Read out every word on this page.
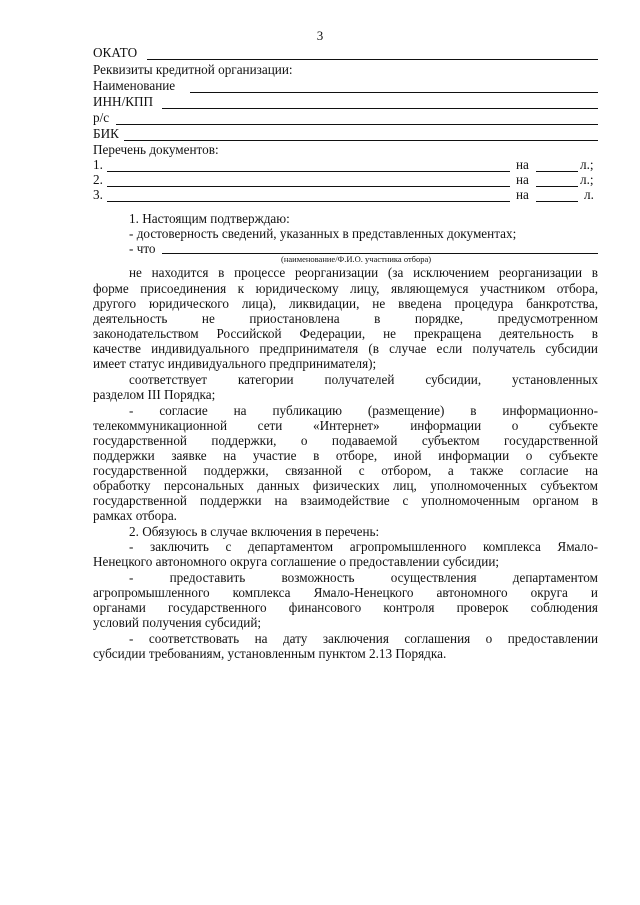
3
ОКАТО
Реквизиты кредитной организации:
Наименование
ИНН/КПП
р/с
БИК
Перечень документов:
1.	на	л.;
2.	на	л.;
3.	на	л.
1. Настоящим подтверждаю:
- достоверность сведений, указанных в представленных документах;
- что
(наименование/Ф.И.О. участника отбора)
не находится в процессе реорганизации (за исключением реорганизации в
форме присоединения к юридическому лицу, являющемуся участником отбора,
другого юридического лица), ликвидации, не введена процедура банкротства,
деятельность не приостановлена в порядке, предусмотренном
законодательством Российской Федерации, не прекращена деятельность в
качестве индивидуального предпринимателя (в случае если получатель субсидии
имеет статус индивидуального предпринимателя);
соответствует категории получателей субсидии, установленных
разделом III Порядка;
- согласие на публикацию (размещение) в информационно-
телекоммуникационной сети «Интернет» информации о субъекте
государственной поддержки, о подаваемой субъектом государственной
поддержки заявке на участие в отборе, иной информации о субъекте
государственной поддержки, связанной с отбором, а также согласие на
обработку персональных данных физических лиц, уполномоченных субъектом
государственной поддержки на взаимодействие с уполномоченным органом в
рамках отбора.
2. Обязуюсь в случае включения в перечень:
- заключить с департаментом агропромышленного комплекса Ямало-
Ненецкого автономного округа соглашение о предоставлении субсидии;
- предоставить возможность осуществления департаментом
агропромышленного комплекса Ямало-Ненецкого автономного округа и
органами государственного финансового контроля проверок соблюдения
условий получения субсидий;
- соответствовать на дату заключения соглашения о предоставлении
субсидии требованиям, установленным пунктом 2.13 Порядка.
